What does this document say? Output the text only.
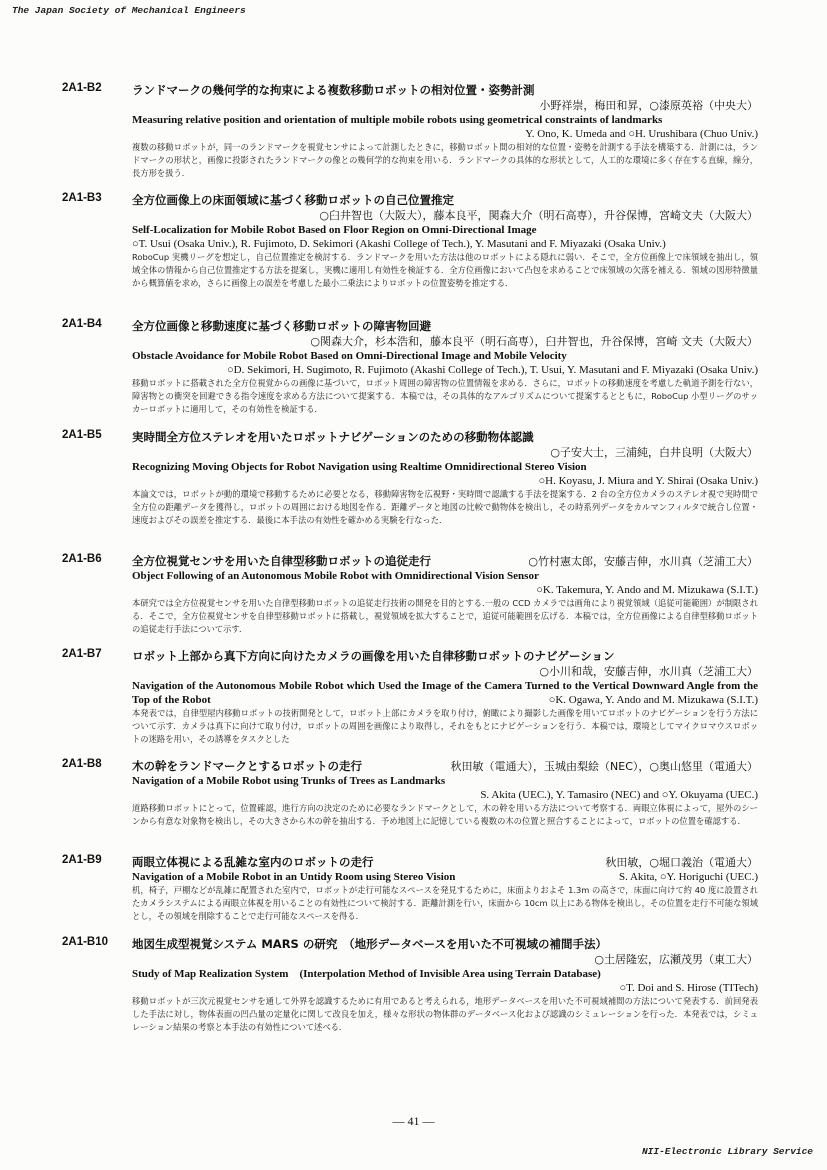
The Japan Society of Mechanical Engineers
2A1-B2	ランドマークの幾何学的な拘束による複数移動ロボットの相対位置・姿勢計測
小野祥崇，梅田和昇，○漆原英裕（中央大）
Measuring relative position and orientation of multiple mobile robots using geometrical constraints of landmarks
Y. Ono, K. Umeda and ○H. Urushibara (Chuo Univ.)
複数の移動ロボットが，同一のランドマークを視覚センサによって計測したときに，移動ロボット間の相対的な位置・姿勢を計測する手法を構築する．計測には，ランドマークの形状と，画像に投影されたランドマークの像との幾何学的な拘束を用いる．ランドマークの具体的な形状として，人工的な環境に多く存在する直線，線分，長方形を扱う．
2A1-B3	全方位画像上の床面領域に基づく移動ロボットの自己位置推定
○臼井智也（大阪大），藤本良平，関森大介（明石高専），升谷保博，宮崎文夫（大阪大）
Self-Localization for Mobile Robot Based on Floor Region on Omni-Directional Image
○T. Usui (Osaka Univ.), R. Fujimoto, D. Sekimori (Akashi College of Tech.), Y. Masutani and F. Miyazaki (Osaka Univ.)
RoboCup 実機リーグを想定し，自己位置推定を検討する．ランドマークを用いた方法は他のロボットによる隠れに弱い．そこで，全方位画像上で床領域を抽出し，領域全体の情報から自己位置推定する方法を提案し，実機に適用し有効性を検証する．全方位画像において凸包を求めることで床領域の欠落を補える．領域の図形特徴量から概算値を求め，さらに画像上の誤差を考慮した最小二乗法によりロボットの位置姿勢を推定する．
2A1-B4	全方位画像と移動速度に基づく移動ロボットの障害物回避
○関森大介，杉本浩和，藤本良平（明石高専），臼井智也，升谷保博，宮崎 文夫（大阪大）
Obstacle Avoidance for Mobile Robot Based on Omni-Directional Image and Mobile Velocity
○D. Sekimori, H. Sugimoto, R. Fujimoto (Akashi College of Tech.), T. Usui, Y. Masutani and F. Miyazaki (Osaka Univ.)
移動ロボットに搭載された全方位視覚からの画像に基づいて，ロボット周囲の障害物の位置情報を求める．さらに，ロボットの移動速度を考慮した軌道予測を行ない，障害物との衝突を回避できる指令速度を求める方法について提案する．本稿では，その具体的なアルゴリズムについて提案するとともに，RoboCup 小型リーグのサッカーロボットに適用して，その有効性を検証する．
2A1-B5	実時間全方位ステレオを用いたロボットナビゲーションのための移動物体認識
○子安大士，三浦純，白井良明（大阪大）
Recognizing Moving Objects for Robot Navigation using Realtime Omnidirectional Stereo Vision
○H. Koyasu, J. Miura and Y. Shirai (Osaka Univ.)
本論文では，ロボットが動的環境で移動するために必要となる，移動障害物を広視野・実時間で認識する手法を提案する．2 台の全方位カメラのステレオ視で実時間で全方位の距離データを獲得し，ロボットの周囲における地図を作る．距離データと地図の比較で動物体を検出し，その時系列データをカルマンフィルタで統合し位置・速度およびその誤差を推定する．最後に本手法の有効性を確かめる実験を行なった．
2A1-B6	全方位視覚センサを用いた自律型移動ロボットの追従走行	○竹村憲太郎，安藤吉伸，水川真（芝浦工大）
Object Following of an Autonomous Mobile Robot with Omnidirectional Vision Sensor
○K. Takemura, Y. Ando and M. Mizukawa (S.I.T.)
本研究では全方位視覚センサを用いた自律型移動ロボットの追従走行技術の開発を目的とする.一般の CCD カメラでは画角により視覚領域（追従可能範囲）が制限される．そこで，全方位視覚センサを自律型移動ロボットに搭載し，視覚領域を拡大することで，追従可能範囲を広げる．本稿では，全方位画像による自律型移動ロボットの追従走行手法について示す．
2A1-B7	ロボット上部から真下方向に向けたカメラの画像を用いた自律移動ロボットのナビゲーション
○小川和哉，安藤吉伸，水川真（芝浦工大）
Navigation of the Autonomous Mobile Robot which Used the Image of the Camera Turned to the Vertical Downward Angle from the Top of the Robot	○K. Ogawa, Y. Ando and M. Mizukawa (S.I.T.)
本発表では，自律型屋内移動ロボットの技術開発として，ロボット上部にカメラを取り付け，俯瞰により撮影した画像を用いてロボットのナビゲーションを行う方法について示す．カメラは真下に向けて取り付け，ロボットの周囲を画像により取得し，それをもとにナビゲーションを行う．本稿では，環境としてマイクロマウスロボットの迷路を用い，その誘導をタスクとした
2A1-B8	木の幹をランドマークとするロボットの走行	秋田敏（電通大），玉城由梨絵（NEC），○奥山悠里（電通大）
Navigation of a Mobile Robot using Trunks of Trees as Landmarks
S. Akita (UEC.), Y. Tamasiro (NEC) and ○Y. Okuyama (UEC.)
道路移動ロボットにとって，位置確認，進行方向の決定のために必要なランドマークとして，木の幹を用いる方法について考察する．両眼立体視によって，屋外のシーンから有意な対象物を検出し，その大きさから木の幹を抽出する．予め地図上に記憶している複数の木の位置と照合することによって，ロボットの位置を確認する．
2A1-B9	両眼立体視による乱雑な室内のロボットの走行	秋田敏，○堀口義治（電通大）
Navigation of a Mobile Robot in an Untidy Room using Stereo Vision	S. Akita, ○Y. Horiguchi (UEC.)
机，椅子，戸棚などが乱雑に配置された室内で，ロボットが走行可能なスペースを発見するために，床面よりおよそ 1.3m の高さで，床面に向けて約 40 度に設置されたカメラシステムによる両眼立体視を用いることの有効性について検討する．距離計測を行い，床面から 10cm 以上にある物体を検出し，その位置を走行不可能な領域とし，その領域を削除することで走行可能なスペースを得る．
2A1-B10	地図生成型視覚システム MARS の研究　（地形データベースを用いた不可視域の補間手法）
○土居隆宏，広瀬茂男（東工大）
Study of Map Realization System　(Interpolation Method of Invisible Area using Terrain Database)
○T. Doi and S. Hirose (TITech)
移動ロボットが三次元視覚センサを通して外界を認識するために有用であると考えられる，地形データベースを用いた不可視域補間の方法について発表する．前回発表した手法に対し，物体表面の凹凸量の定量化に関して改良を加え，様々な形状の物体群のデータベース化および認識のシミュレーションを行った．本発表では，シミュレーション結果の考察と本手法の有効性について述べる．
— 41 —
NII-Electronic Library Service
